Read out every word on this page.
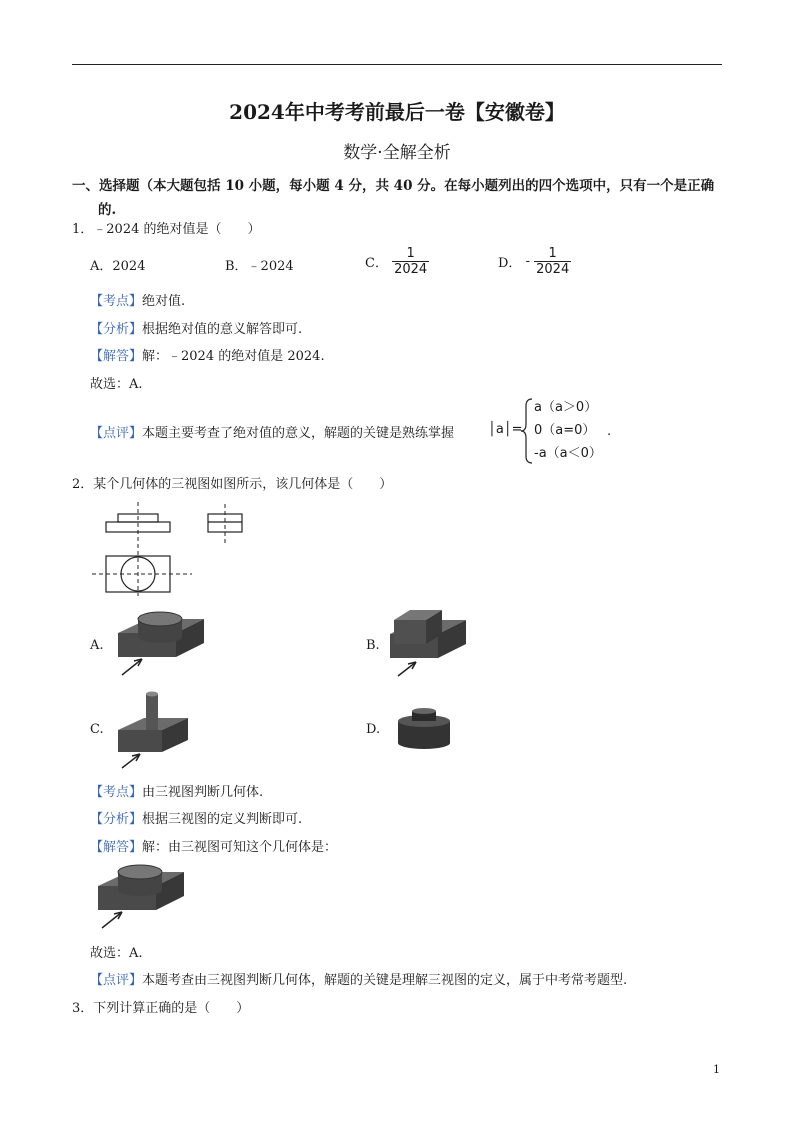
2024年中考考前最后一卷【安徽卷】
数学·全解全析
一、选择题（本大题包括 10 小题，每小题 4 分，共 40 分。在每小题列出的四个选项中，只有一个是正确
的.
1．﹣2024 的绝对值是（　　）
A．2024	B．﹣2024	C． $\frac{1}{2024}$	D． - $\frac{1}{2024}$
【考点】绝对值.
【分析】根据绝对值的意义解答即可.
【解答】解：﹣2024 的绝对值是 2024.
故选：A.
【点评】本题主要考查了绝对值的意义，解题的关键是熟练掌握	│a│=
a（a＞0）
0（a=0）
-a（a＜0）
.
2．某个几何体的三视图如图所示，该几何体是（　　）
A.	B.
C.	D.
【考点】由三视图判断几何体.
【分析】根据三视图的定义判断即可.
【解答】解：由三视图可知这个几何体是：
故选：A.
【点评】本题考查由三视图判断几何体，解题的关键是理解三视图的定义，属于中考常考题型.
3．下列计算正确的是（　　）
1
